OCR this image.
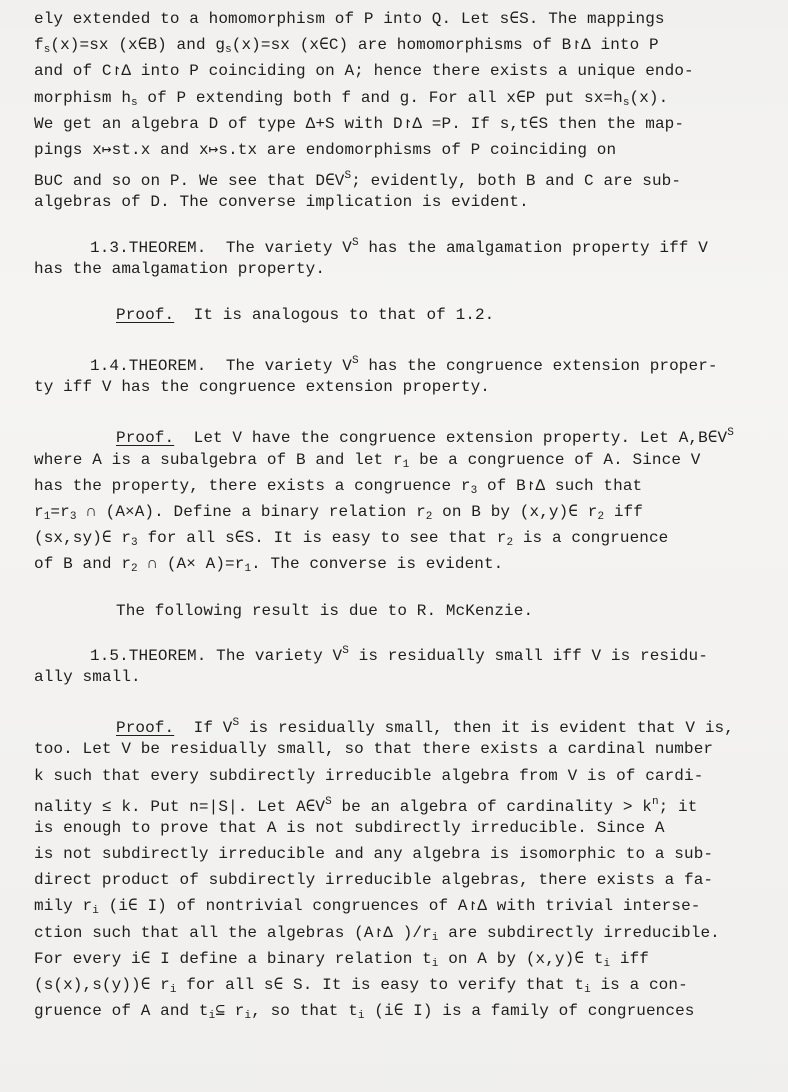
ely extended to a homomorphism of P into Q. Let s∈S. The mappings
$f_s(x)=sx$ (x∈B) and $g_s(x)=sx$ (x∈C) are homomorphisms of B↾Δ into P
and of C↾Δ into P coinciding on A; hence there exists a unique endo-
morphism $h_s$ of P extending both f and g. For all x∈P put $sx=h_s(x)$.
We get an algebra D of type Δ+S with D↾Δ =P. If s,t∈S then the map-
pings x↦st.x and x↦s.tx are endomorphisms of P coinciding on
B∪C and so on P. We see that $D\in V^S$; evidently, both B and C are sub-
algebras of D. The converse implication is evident.
1.3.THEOREM.  The variety $V^S$ has the amalgamation property iff V
has the amalgamation property.
Proof.  It is analogous to that of 1.2.
1.4.THEOREM.  The variety $V^S$ has the congruence extension proper-
ty iff V has the congruence extension property.
Proof.  Let V have the congruence extension property. Let $A,B\in V^S$
where A is a subalgebra of B and let $r_1$ be a congruence of A. Since V
has the property, there exists a congruence $r_3$ of B↾Δ such that
$r_1=r_3$ ∩ (A×A). Define a binary relation $r_2$ on B by (x,y)∈ $r_2$ iff
(sx,sy)∈ $r_3$ for all s∈S. It is easy to see that $r_2$ is a congruence
of B and $r_2$ ∩ $(A\times A)=r_1$. The converse is evident.
The following result is due to R. McKenzie.
1.5.THEOREM. The variety $V^S$ is residually small iff V is residu-
ally small.
Proof.  If $V^S$ is residually small, then it is evident that V is,
too. Let V be residually small, so that there exists a cardinal number
k such that every subdirectly irreducible algebra from V is of cardi-
nality ≤ k. Put n=|S|. Let $A\in V^S$ be an algebra of cardinality > $k^n$; it
is enough to prove that A is not subdirectly irreducible. Since A
is not subdirectly irreducible and any algebra is isomorphic to a sub-
direct product of subdirectly irreducible algebras, there exists a fa-
mily $r_i$ (i∈ I) of nontrivial congruences of A↾Δ with trivial interse-
ction such that all the algebras (A↾Δ )$/r_i$ are subdirectly irreducible.
For every i∈ I define a binary relation $t_i$ on A by (x,y)∈ $t_i$ iff
(s(x),s(y))∈ $r_i$ for all s∈ S. It is easy to verify that $t_i$ is a con-
gruence of A and $t_i⊆$ $r_i$, so that $t_i$ (i∈ I) is a family of congruences
